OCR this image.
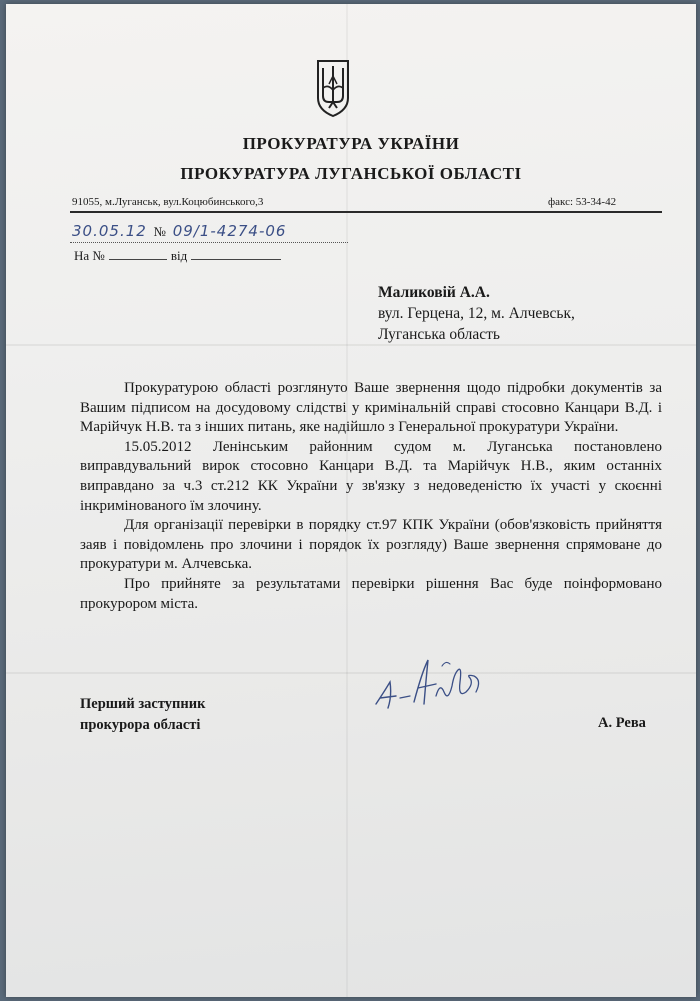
ПРОКУРАТУРА УКРАЇНИ
ПРОКУРАТУРА ЛУГАНСЬКОЇ ОБЛАСТІ
91055, м.Луганськ, вул.Коцюбинського,3	факс: 53-34-42
30.05.12 № 09/1-4274-06
На №	від
Маликовій А.А.
вул. Герцена, 12, м. Алчевськ,
Луганська область

Прокуратурою області розглянуто Ваше звернення щодо підробки документів за Вашим підписом на досудовому слідстві у кримінальній справі стосовно Канцари В.Д. і Марійчук Н.В. та з інших питань, яке надійшло з Генеральної прокуратури України.

15.05.2012 Ленінським районним судом м. Луганська постановлено виправдувальний вирок стосовно Канцари В.Д. та Марійчук Н.В., яким останніх виправдано за ч.3 ст.212 КК України у зв'язку з недоведеністю їх участі у скоєнні інкримінованого їм злочину.

Для організації перевірки в порядку ст.97 КПК України (обов'язковість прийняття заяв і повідомлень про злочини і порядок їх розгляду) Ваше звернення спрямоване до прокуратури м. Алчевська.

Про прийняте за результатами перевірки рішення Вас буде поінформовано прокурором міста.

Перший заступник
прокурора області	А. Рева
